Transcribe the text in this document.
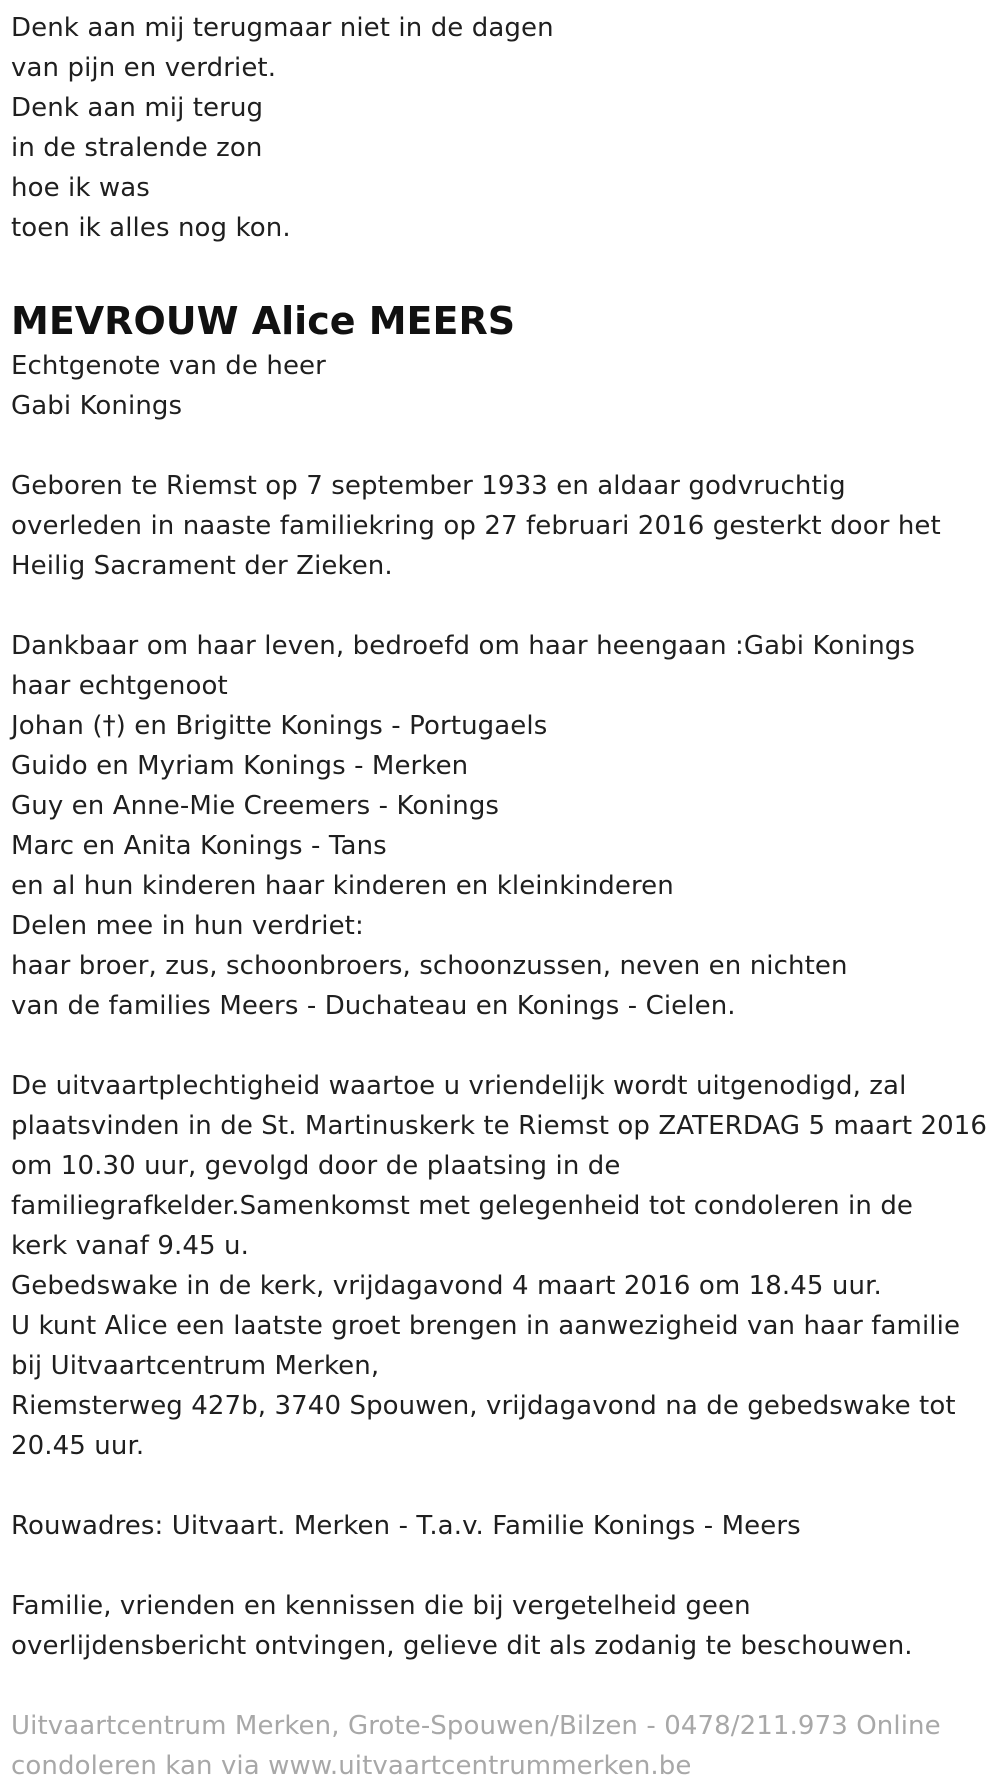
Denk aan mij terugmaar niet in de dagen
van pijn en verdriet.
Denk aan mij terug
in de stralende zon
hoe ik was
toen ik alles nog kon.
MEVROUW Alice MEERS
Echtgenote van de heer
Gabi Konings
Geboren te Riemst op 7 september 1933 en aldaar godvruchtig
overleden in naaste familiekring op 27 februari 2016 gesterkt door het
Heilig Sacrament der Zieken.
Dankbaar om haar leven, bedroefd om haar heengaan :Gabi Konings
haar echtgenoot
Johan (†) en Brigitte Konings - Portugaels
Guido en Myriam Konings - Merken
Guy en Anne-Mie Creemers - Konings
Marc en Anita Konings - Tans
en al hun kinderen haar kinderen en kleinkinderen
Delen mee in hun verdriet:
haar broer, zus, schoonbroers, schoonzussen, neven en nichten
van de families Meers - Duchateau en Konings - Cielen.
De uitvaartplechtigheid waartoe u vriendelijk wordt uitgenodigd, zal
plaatsvinden in de St. Martinuskerk te Riemst op ZATERDAG 5 maart 2016
om 10.30 uur, gevolgd door de plaatsing in de
familiegrafkelder.Samenkomst met gelegenheid tot condoleren in de
kerk vanaf 9.45 u.
Gebedswake in de kerk, vrijdagavond 4 maart 2016 om 18.45 uur.
U kunt Alice een laatste groet brengen in aanwezigheid van haar familie
bij Uitvaartcentrum Merken,
Riemsterweg 427b, 3740 Spouwen, vrijdagavond na de gebedswake tot
20.45 uur.
Rouwadres: Uitvaart. Merken - T.a.v. Familie Konings - Meers
Familie, vrienden en kennissen die bij vergetelheid geen
overlijdensbericht ontvingen, gelieve dit als zodanig te beschouwen.
Uitvaartcentrum Merken, Grote-Spouwen/Bilzen - 0478/211.973 Online
condoleren kan via www.uitvaartcentrummerken.be
